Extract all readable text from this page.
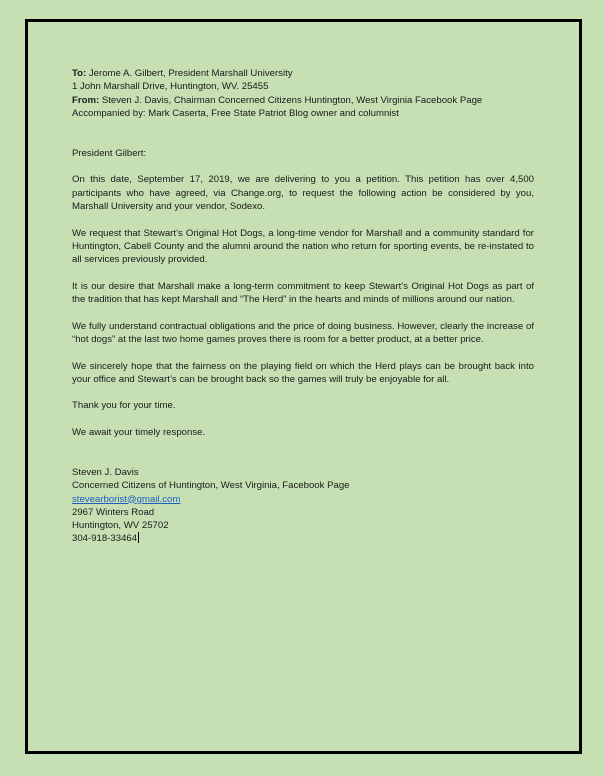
To: Jerome A. Gilbert, President Marshall University

1 John Marshall Drive, Huntington, WV. 25455

From: Steven J. Davis, Chairman Concerned Citizens Huntington, West Virginia Facebook Page

Accompanied by: Mark Caserta, Free State Patriot Blog owner and columnist

President Gilbert:

On this date, September 17, 2019, we are delivering to you a petition. This petition has over 4,500 participants who have agreed, via Change.org, to request the following action be considered by you, Marshall University and your vendor, Sodexo.

We request that Stewart’s Original Hot Dogs, a long-time vendor for Marshall and a community standard for Huntington, Cabell County and the alumni around the nation who return for sporting events, be re-instated to all services previously provided.

It is our desire that Marshall make a long-term commitment to keep Stewart’s Original Hot Dogs as part of the tradition that has kept Marshall and “The Herd” in the hearts and minds of millions around our nation.

We fully understand contractual obligations and the price of doing business. However, clearly the increase of “hot dogs” at the last two home games proves there is room for a better product, at a better price.

We sincerely hope that the fairness on the playing field on which the Herd plays can be brought back into your office and Stewart’s can be brought back so the games will truly be enjoyable for all.

Thank you for your time.

We await your timely response.

Steven J. Davis

Concerned Citizens of Huntington, West Virginia, Facebook Page

stevearborist@gmail.com

2967 Winters Road

Huntington, WV 25702

304-918-33464
